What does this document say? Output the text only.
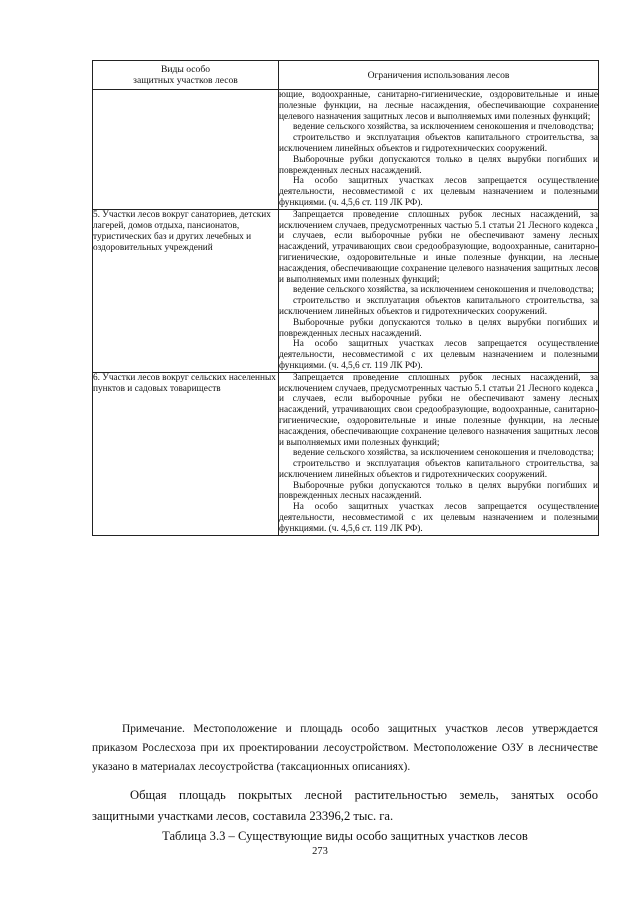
Виды особо
защитных участков лесов	Ограничения использования лесов

	ющие, водоохранные, санитарно-гигиенические, оздоровительные и иные полезные функции, на лесные насаждения, обеспечивающие сохранение целевого назначения защитных лесов и выполняемых ими полезных функций;

ведение сельского хозяйства, за исключением сенокошения и пчеловодства;

строительство и эксплуатация объектов капитального строительства, за исключением линейных объектов и гидротехнических сооружений.

Выборочные рубки допускаются только в целях вырубки погибших и поврежденных лесных насаждений.

На особо защитных участках лесов запрещается осуществление деятельности, несовместимой с их целевым назначением и полезными функциями. (ч. 4,5,6 ст. 119 ЛК РФ).

5. Участки лесов вокруг санаториев, детских лагерей, домов отдыха, пансионатов, туристических баз и других лечебных и оздоровительных учреждений	Запрещается проведение сплошных рубок лесных насаждений, за исключением случаев, предусмотренных частью 5.1 статьи 21 Лесного кодекса , и случаев, если выборочные рубки не обеспечивают замену лесных насаждений, утрачивающих свои средообразующие, водоохранные, санитарно-гигиенические, оздоровительные и иные полезные функции, на лесные насаждения, обеспечивающие сохранение целевого назначения защитных лесов и выполняемых ими полезных функций;

ведение сельского хозяйства, за исключением сенокошения и пчеловодства;

строительство и эксплуатация объектов капитального строительства, за исключением линейных объектов и гидротехнических сооружений.

Выборочные рубки допускаются только в целях вырубки погибших и поврежденных лесных насаждений.

На особо защитных участках лесов запрещается осуществление деятельности, несовместимой с их целевым назначением и полезными функциями. (ч. 4,5,6 ст. 119 ЛК РФ).

6. Участки лесов вокруг сельских населенных пунктов и садовых товариществ	Запрещается проведение сплошных рубок лесных насаждений, за исключением случаев, предусмотренных частью 5.1 статьи 21 Лесного кодекса , и случаев, если выборочные рубки не обеспечивают замену лесных насаждений, утрачивающих свои средообразующие, водоохранные, санитарно-гигиенические, оздоровительные и иные полезные функции, на лесные насаждения, обеспечивающие сохранение целевого назначения защитных лесов и выполняемых ими полезных функций;

ведение сельского хозяйства, за исключением сенокошения и пчеловодства;

строительство и эксплуатация объектов капитального строительства, за исключением линейных объектов и гидротехнических сооружений.

Выборочные рубки допускаются только в целях вырубки погибших и поврежденных лесных насаждений.

На особо защитных участках лесов запрещается осуществление деятельности, несовместимой с их целевым назначением и полезными функциями. (ч. 4,5,6 ст. 119 ЛК РФ).

Примечание. Местоположение и площадь особо защитных участков лесов утверждается приказом Рослесхоза при их проектировании лесоустройством. Местоположение ОЗУ в лесничестве указано в материалах лесоустройства (таксационных описаниях).

Общая площадь покрытых лесной растительностью земель, занятых особо защитными участками лесов, составила 23396,2 тыс. га.

Таблица 3.3 – Существующие виды особо защитных участков лесов

273
